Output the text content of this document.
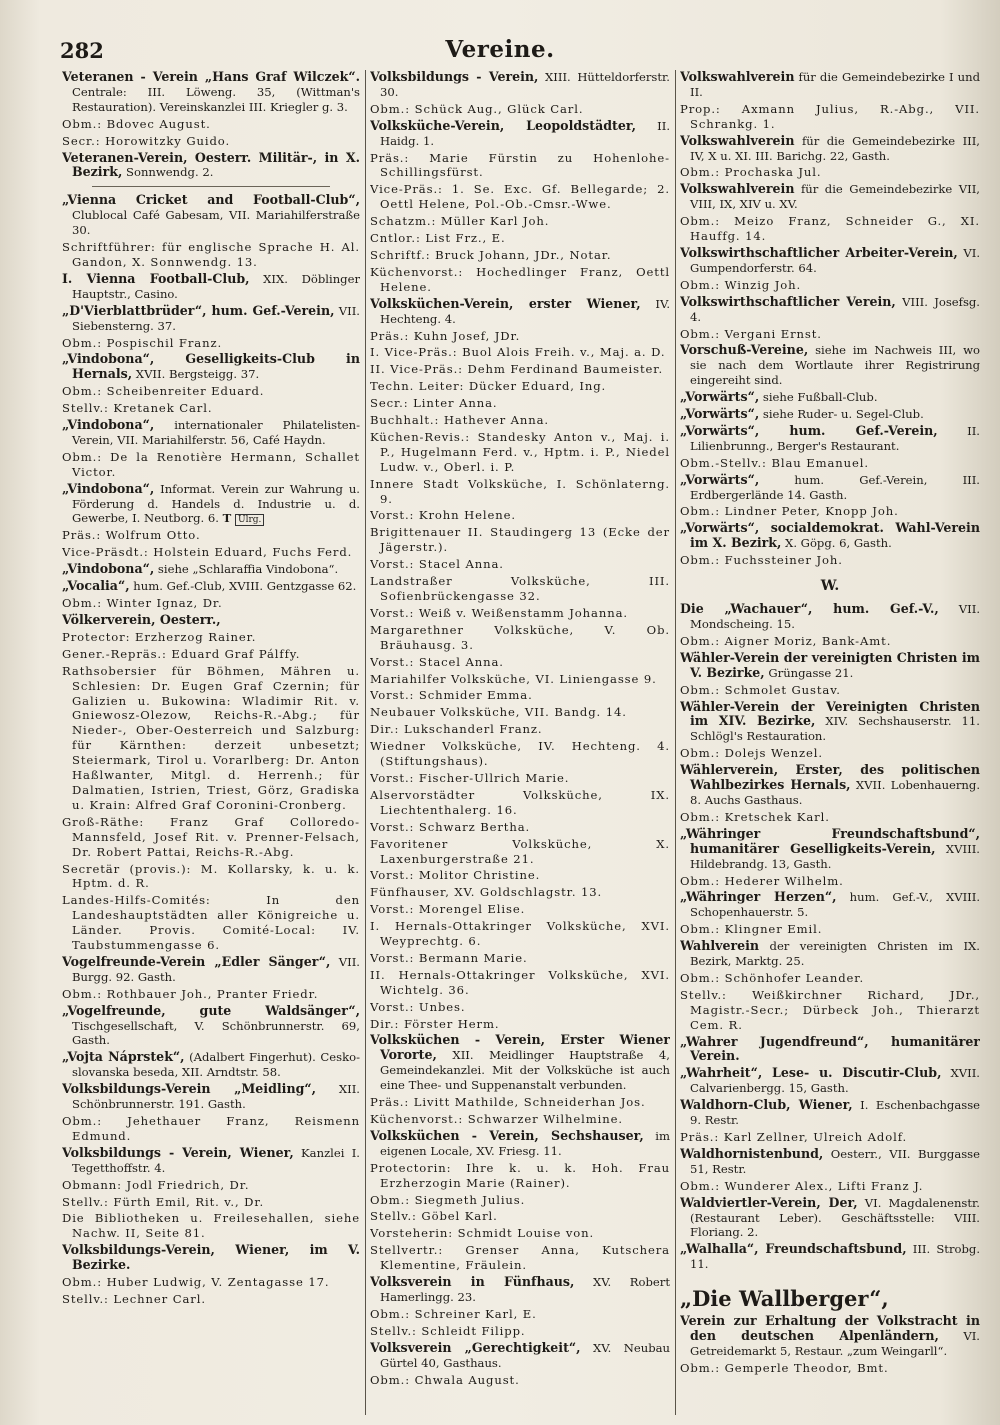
282	Vereine.
Veteranen - Verein „Hans Graf Wilczek“. Centrale: III. Löweng. 35, (Wittman's Restauration). Vereinskanzlei III. Kriegler g. 3.
Obm.: Bdovec August.
Secr.: Horowitzky Guido.
Veteranen-Verein, Oesterr. Militär-, in X. Bezirk, Sonnwendg. 2.
„Vienna Cricket and Football-Club“, Clublocal Café Gabesam, VII. Mariahilferstraße 30.
Schriftführer: für englische Sprache H. Al. Gandon, X. Sonnwendg. 13.
I. Vienna Football-Club, XIX. Döblinger Hauptstr., Casino.
„D'Vierblattbrüder“, hum. Gef.-Verein, VII. Siebensterng. 37.
Obm.: Pospischil Franz.
„Vindobona“, Geselligkeits-Club in Hernals, XVII. Bergsteigg. 37.
Obm.: Scheibenreiter Eduard.
Stellv.: Kretanek Carl.
„Vindobona“, internationaler Philatelisten-Verein, VII. Mariahilferstr. 56, Café Haydn.
Obm.: De la Renotière Hermann, Schallet Victor.
„Vindobona“, Informat. Verein zur Wahrung u. Förderung d. Handels d. Industrie u. d. Gewerbe, I. Neutborg. 6. T Ulrg.
Präs.: Wolfrum Otto.
Vice-Präsdt.: Holstein Eduard, Fuchs Ferd.
„Vindobona“, siehe „Schlaraffia Vindobona“.
„Vocalia“, hum. Gef.-Club, XVIII. Gentzgasse 62.
Obm.: Winter Ignaz, Dr.
Völkerverein, Oesterr.,
Protector: Erzherzog Rainer.
Gener.-Repräs.: Eduard Graf Pálffy.
Rathsobersier für Böhmen, Mähren u. Schlesien: Dr. Eugen Graf Czernin; für Galizien u. Bukowina: Wladimir Rit. v. Gniewosz-Olezow, Reichs-R.-Abg.; für Nieder-, Ober-Oesterreich und Salzburg: für Kärnthen: derzeit unbesetzt; Steiermark, Tirol u. Vorarlberg: Dr. Anton Haßlwanter, Mitgl. d. Herrenh.; für Dalmatien, Istrien, Triest, Görz, Gradiska u. Krain: Alfred Graf Coronini-Cronberg.
Groß-Räthe: Franz Graf Colloredo-Mannsfeld, Josef Rit. v. Prenner-Felsach, Dr. Robert Pattai, Reichs-R.-Abg.
Secretär (provis.): M. Kollarsky, k. u. k. Hptm. d. R.
Landes-Hilfs-Comités: In den Landeshauptstädten aller Königreiche u. Länder. Provis. Comité-Local: IV. Taubstummengasse 6.
Vogelfreunde-Verein „Edler Sänger“, VII. Burgg. 92. Gasth.
Obm.: Rothbauer Joh., Pranter Friedr.
„Vogelfreunde, gute Waldsänger“, Tischgesellschaft, V. Schönbrunnerstr. 69, Gasth.
„Vojta Náprstek“, (Adalbert Fingerhut). Cesko-slovanska beseda, XII. Arndtstr. 58.
Volksbildungs-Verein „Meidling“, XII. Schönbrunnerstr. 191. Gasth.
Obm.: Jehethauer Franz, Reismenn Edmund.
Volksbildungs - Verein, Wiener, Kanzlei I. Tegetthoffstr. 4.
Obmann: Jodl Friedrich, Dr.
Stellv.: Fürth Emil, Rit. v., Dr.
Die Bibliotheken u. Freilesehallen, siehe Nachw. II, Seite 81.
Volksbildungs-Verein, Wiener, im V. Bezirke.
Obm.: Huber Ludwig, V. Zentagasse 17.
Stellv.: Lechner Carl.
Volksbildungs - Verein, XIII. Hütteldorferstr. 30.
Obm.: Schück Aug., Glück Carl.
Volksküche-Verein, Leopoldstädter, II. Haidg. 1.
Präs.: Marie Fürstin zu Hohenlohe-Schillingsfürst.
Vice-Präs.: 1. Se. Exc. Gf. Bellegarde; 2. Oettl Helene, Pol.-Ob.-Cmsr.-Wwe.
Schatzm.: Müller Karl Joh.
Cntlor.: List Frz., E.
Schriftf.: Bruck Johann, JDr., Notar.
Küchenvorst.: Hochedlinger Franz, Oettl Helene.
Volksküchen-Verein, erster Wiener, IV. Hechteng. 4.
Präs.: Kuhn Josef, JDr.
I. Vice-Präs.: Buol Alois Freih. v., Maj. a. D.
II. Vice-Präs.: Dehm Ferdinand Baumeister.
Techn. Leiter: Dücker Eduard, Ing.
Secr.: Linter Anna.
Buchhalt.: Hathever Anna.
Küchen-Revis.: Standesky Anton v., Maj. i. P., Hugelmann Ferd. v., Hptm. i. P., Niedel Ludw. v., Oberl. i. P.
Innere Stadt Volksküche, I. Schönlaterng. 9.
Vorst.: Krohn Helene.
Brigittenauer II. Staudingerg 13 (Ecke der Jägerstr.).
Vorst.: Stacel Anna.
Landstraßer Volksküche, III. Sofienbrückengasse 32.
Vorst.: Weiß v. Weißenstamm Johanna.
Margarethner Volksküche, V. Ob. Bräuhausg. 3.
Vorst.: Stacel Anna.
Mariahilfer Volksküche, VI. Liniengasse 9.
Vorst.: Schmider Emma.
Neubauer Volksküche, VII. Bandg. 14.
Dir.: Lukschanderl Franz.
Wiedner Volksküche, IV. Hechteng. 4. (Stiftungshaus).
Vorst.: Fischer-Ullrich Marie.
Alservorstädter Volksküche, IX. Liechtenthalerg. 16.
Vorst.: Schwarz Bertha.
Favoritener Volksküche, X. Laxenburgerstraße 21.
Vorst.: Molitor Christine.
Fünfhauser, XV. Goldschlagstr. 13.
Vorst.: Morengel Elise.
I. Hernals-Ottakringer Volksküche, XVI. Weyprechtg. 6.
Vorst.: Bermann Marie.
II. Hernals-Ottakringer Volksküche, XVI. Wichtelg. 36.
Vorst.: Unbes.
Dir.: Förster Herm.
Volksküchen - Verein, Erster Wiener Vororte, XII. Meidlinger Hauptstraße 4, Gemeindekanzlei. Mit der Volksküche ist auch eine Thee- und Suppenanstalt verbunden.
Präs.: Livitt Mathilde, Schneiderhan Jos.
Küchenvorst.: Schwarzer Wilhelmine.
Volksküchen - Verein, Sechshauser, im eigenen Locale, XV. Friesg. 11.
Protectorin: Ihre k. u. k. Hoh. Frau Erzherzogin Marie (Rainer).
Obm.: Siegmeth Julius.
Stellv.: Göbel Karl.
Vorsteherin: Schmidt Louise von.
Stellvertr.: Grenser Anna, Kutschera Klementine, Fräulein.
Volksverein in Fünfhaus, XV. Robert Hamerlingg. 23.
Obm.: Schreiner Karl, E.
Stellv.: Schleidt Filipp.
Volksverein „Gerechtigkeit“, XV. Neubau Gürtel 40, Gasthaus.
Obm.: Chwala August.
Volkswahlverein für die Gemeindebezirke I und II.
Prop.: Axmann Julius, R.-Abg., VII. Schrankg. 1.
Volkswahlverein für die Gemeindebezirke III, IV, X u. XI. III. Barichg. 22, Gasth.
Obm.: Prochaska Jul.
Volkswahlverein für die Gemeindebezirke VII, VIII, IX, XIV u. XV.
Obm.: Meizo Franz, Schneider G., XI. Hauffg. 14.
Volkswirthschaftlicher Arbeiter-Verein, VI. Gumpendorferstr. 64.
Obm.: Winzig Joh.
Volkswirthschaftlicher Verein, VIII. Josefsg. 4.
Obm.: Vergani Ernst.
Vorschuß-Vereine, siehe im Nachweis III, wo sie nach dem Wortlaute ihrer Registrirung eingereiht sind.
„Vorwärts“, siehe Fußball-Club.
„Vorwärts“, siehe Ruder- u. Segel-Club.
„Vorwärts“, hum. Gef.-Verein, II. Lilienbrunng., Berger's Restaurant.
Obm.-Stellv.: Blau Emanuel.
„Vorwärts“, hum. Gef.-Verein, III. Erdbergerlände 14. Gasth.
Obm.: Lindner Peter, Knopp Joh.
„Vorwärts“, socialdemokrat. Wahl-Verein im X. Bezirk, X. Göpg. 6, Gasth.
Obm.: Fuchssteiner Joh.
W.
Die „Wachauer“, hum. Gef.-V., VII. Mondscheing. 15.
Obm.: Aigner Moriz, Bank-Amt.
Wähler-Verein der vereinigten Christen im V. Bezirke, Grüngasse 21.
Obm.: Schmolet Gustav.
Wähler-Verein der Vereinigten Christen im XIV. Bezirke, XIV. Sechshauserstr. 11. Schlögl's Restauration.
Obm.: Dolejs Wenzel.
Wählerverein, Erster, des politischen Wahlbezirkes Hernals, XVII. Lobenhauerng. 8. Auchs Gasthaus.
Obm.: Kretschek Karl.
„Währinger Freundschaftsbund“, humanitärer Geselligkeits-Verein, XVIII. Hildebrandg. 13, Gasth.
Obm.: Hederer Wilhelm.
„Währinger Herzen“, hum. Gef.-V., XVIII. Schopenhauerstr. 5.
Obm.: Klingner Emil.
Wahlverein der vereinigten Christen im IX. Bezirk, Marktg. 25.
Obm.: Schönhofer Leander.
Stellv.: Weißkirchner Richard, JDr., Magistr.-Secr.; Dürbeck Joh., Thierarzt Cem. R.
„Wahrer Jugendfreund“, humanitärer Verein.
„Wahrheit“, Lese- u. Discutir-Club, XVII. Calvarienbergg. 15, Gasth.
Waldhorn-Club, Wiener, I. Eschenbachgasse 9. Restr.
Präs.: Karl Zellner, Ulreich Adolf.
Waldhornistenbund, Oesterr., VII. Burggasse 51, Restr.
Obm.: Wunderer Alex., Lifti Franz J.
Waldviertler-Verein, Der, VI. Magdalenenstr. (Restaurant Leber). Geschäftsstelle: VIII. Floriang. 2.
„Walhalla“, Freundschaftsbund, III. Strobg. 11.
„Die Wallberger“,
Verein zur Erhaltung der Volkstracht in den deutschen Alpenländern, VI. Getreidemarkt 5, Restaur. „zum Weingarll“.
Obm.: Gemperle Theodor, Bmt.
